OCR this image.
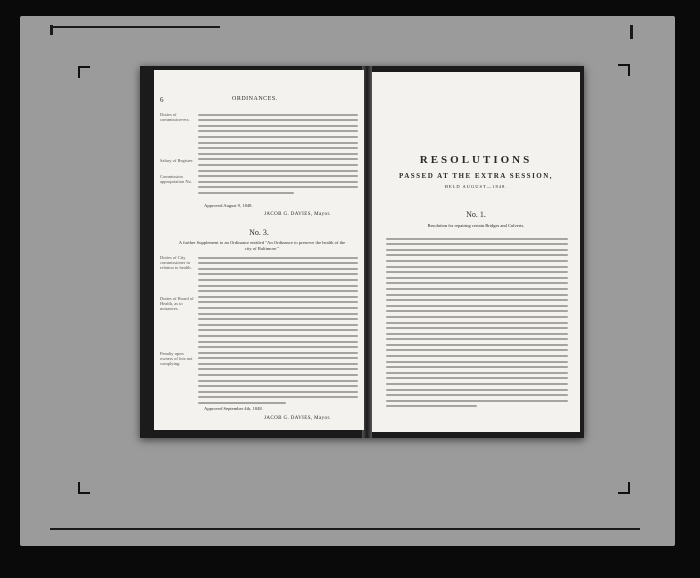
6	ORDINANCES.
Duties of commission-ers.
Salary of Register.
Commission appropriation No.
Approved August 9, 1848.
JACOB G. DAVIES, Mayor.
No. 3.
A further Supplement to an Ordinance entitled "An Ordinance to preserve the health of the city of Baltimore."
Duties of City commissioner in relation to health.
Duties of Board of Health, as to nuisances.
Penalty upon owners of lots not complying.
Approved September 4th, 1848.
JACOB G. DAVIES, Mayor.
RESOLUTIONS
PASSED AT THE EXTRA SESSION,
HELD AUGUST—1848.
No. 1.
Resolution for repairing certain Bridges and Culverts.
